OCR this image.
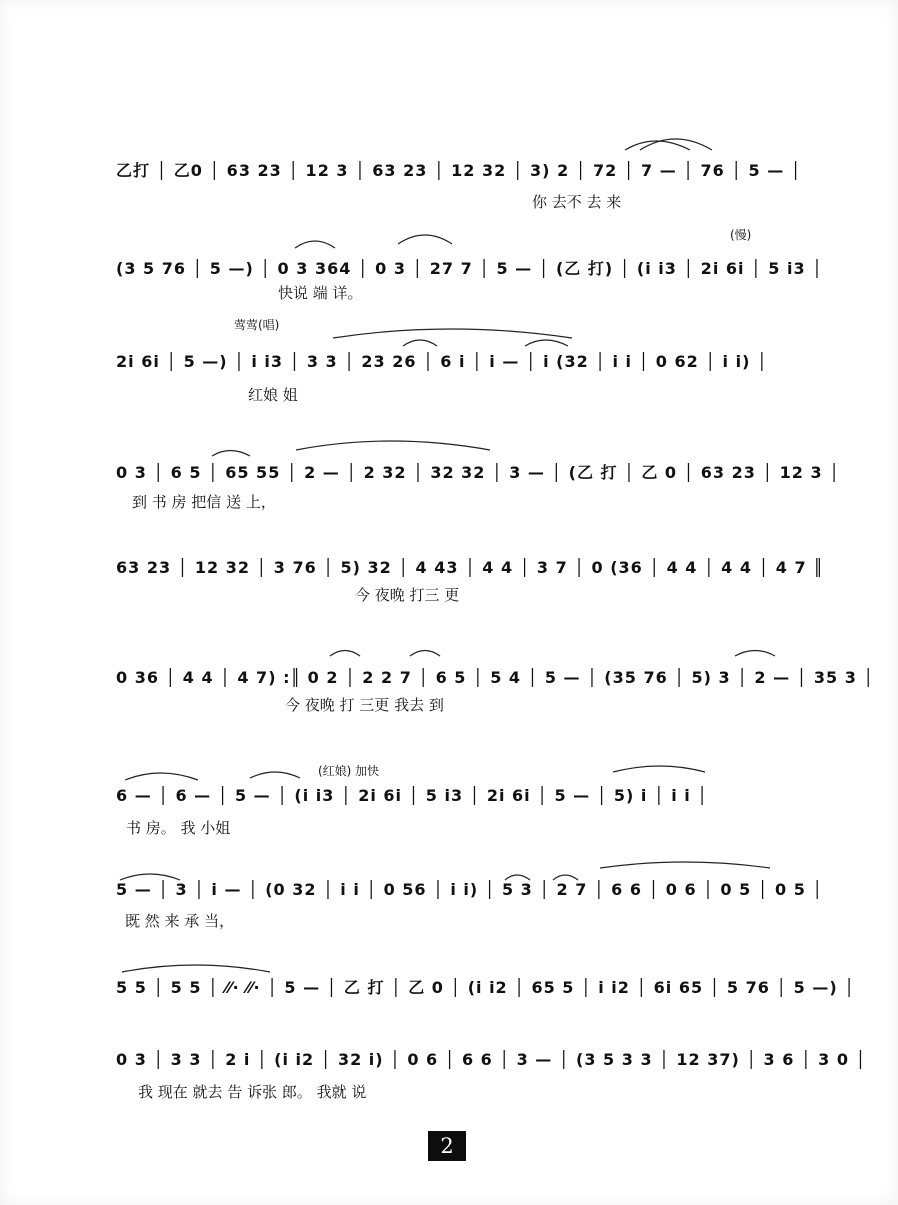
(慢)
莺莺(唱)
(红娘) 加快
乙打 │ 乙0 │ 63 23 │ 12 3 │ 63 23 │ 12 32 │ 3) 2 │ 72 │ 7 — │ 76 │ 5 — │
你 去不 去 来
(3 5 76 │ 5 —) │ 0 3 364 │ 0 3 │ 27 7 │ 5 — │ (乙 打) │ (i i3 │ 2i 6i │ 5 i3 │
快说 端 详。
2i 6i │ 5 —) │ i i3 │ 3 3 │ 23 26 │ 6 i │ i — │ i (32 │ i i │ 0 62 │ i i) │
红娘 姐
0 3 │ 6 5 │ 65 55 │ 2 — │ 2 32 │ 32 32 │ 3 — │ (乙 打 │ 乙 0 │ 63 23 │ 12 3 │
到 书 房 把信 送 上，
63 23 │ 12 32 │ 3 76 │ 5) 32 │ 4 43 │ 4 4 │ 3 7 │ 0 (36 │ 4 4 │ 4 4 │ 4 7 ║
今 夜晚 打三 更
0 36 │ 4 4 │ 4 7) :║ 0 2 │ 2 2 7 │ 6 5 │ 5 4 │ 5 — │ (35 76 │ 5) 3 │ 2 — │ 35 3 │
今 夜晚 打 三更 我去 到
6 — │ 6 — │ 5 — │ (i i3 │ 2i 6i │ 5 i3 │ 2i 6i │ 5 — │ 5) i │ i i │
书 房。 我 小姐
5 — │ 3 │ i — │ (0 32 │ i i │ 0 56 │ i i) │ 5 3 │ 2 7 │ 6 6 │ 0 6 │ 0 5 │ 0 5 │
既 然 来 承 当，
5 5 │ 5 5 │ ⁄⁄· ⁄⁄· │ 5 — │ 乙 打 │ 乙 0 │ (i i2 │ 65 5 │ i i2 │ 6i 65 │ 5 76 │ 5 —) │
0 3 │ 3 3 │ 2 i │ (i i2 │ 32 i) │ 0 6 │ 6 6 │ 3 — │ (3 5 3 3 │ 12 37) │ 3 6 │ 3 0 │
我 现在 就去 告 诉张 郎。 我就 说
2
